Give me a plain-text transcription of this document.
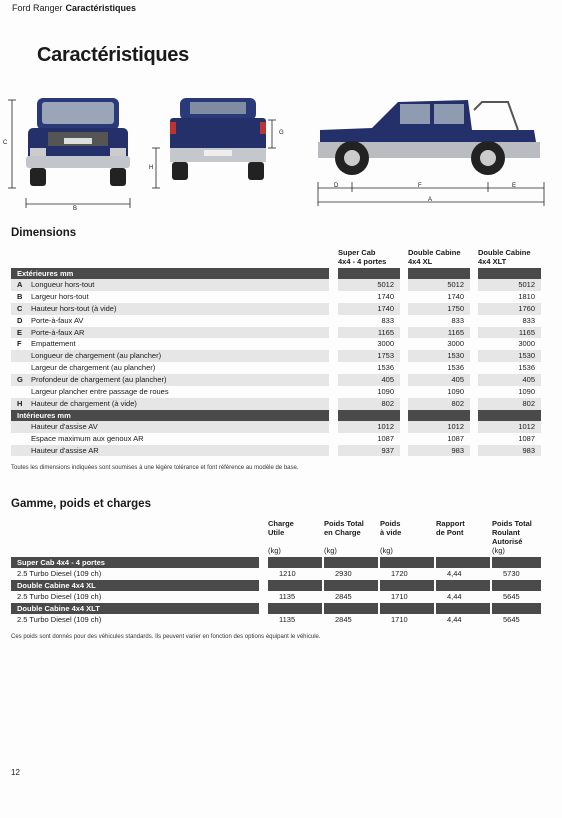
Ford Ranger Caractéristiques
Caractéristiques
C
B
H
G
D	F	E
A
Dimensions
Super Cab
4x4 - 4 portes
Double Cabine
4x4 XL
Double Cabine
4x4 XLT
Extérieures mm
A Longueur hors-tout	5012	5012	5012
B Largeur hors-tout	1740	1740	1810
C Hauteur hors-tout (à vide)	1740	1750	1760
D Porte-à-faux AV	833	833	833
E Porte-à-faux AR	1165	1165	1165
F Empattement	3000	3000	3000
Longueur de chargement (au plancher)	1753	1530	1530
Largeur de chargement (au plancher)	1536	1536	1536
G Profondeur de chargement (au plancher)	405	405	405
Largeur plancher entre passage de roues	1090	1090	1090
H Hauteur de chargement (à vide)	802	802	802
Intérieures mm
Hauteur d'assise AV	1012	1012	1012
Espace maximum aux genoux AR	1087	1087	1087
Hauteur d'assise AR	937	983	983
Toutes les dimensions indiquées sont soumises à une légère tolérance et font référence au modèle de base.
Gamme, poids et charges
Charge
Utile
(kg)
Poids Total
en Charge
(kg)
Poids
à vide
(kg)
Rapport
de Pont
Poids Total
Roulant
Autorisé
(kg)
Super Cab 4x4 - 4 portes
2.5 Turbo Diesel (109 ch)	1210	2930	1720	4,44	5730
Double Cabine 4x4 XL
2.5 Turbo Diesel (109 ch)	1135	2845	1710	4,44	5645
Double Cabine 4x4 XLT
2.5 Turbo Diesel (109 ch)	1135	2845	1710	4,44	5645
Ces poids sont donnés pour des véhicules standards. Ils peuvent varier en fonction des options équipant le véhicule.
12
